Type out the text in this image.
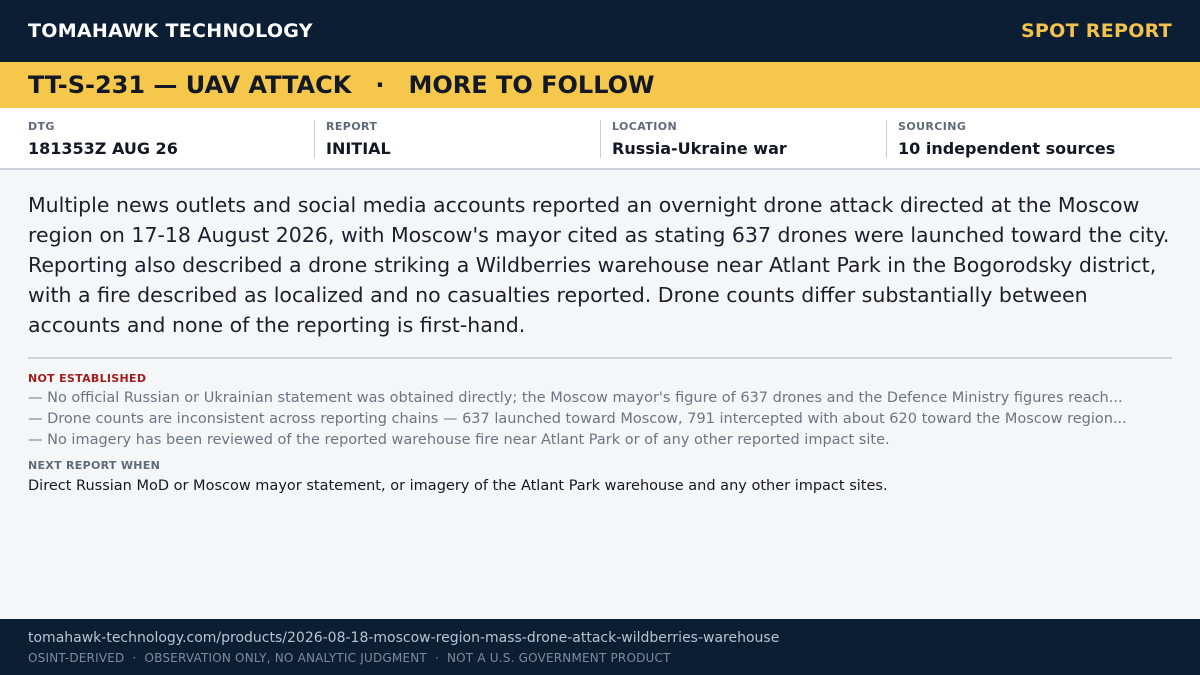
TOMAHAWK TECHNOLOGY	SPOT REPORT
TT-S-231 — UAV ATTACK · MORE TO FOLLOW
DTG
181353Z AUG 26
REPORT
INITIAL
LOCATION
Russia-Ukraine war
SOURCING
10 independent sources

Multiple news outlets and social media accounts reported an overnight drone attack directed at the Moscow region on 17-18 August 2026, with Moscow's mayor cited as stating 637 drones were launched toward the city. Reporting also described a drone striking a Wildberries warehouse near Atlant Park in the Bogorodsky district, with a fire described as localized and no casualties reported. Drone counts differ substantially between accounts and none of the reporting is first-hand.

NOT ESTABLISHED
— No official Russian or Ukrainian statement was obtained directly; the Moscow mayor's figure of 637 drones and the Defence Ministry figures reach...
— Drone counts are inconsistent across reporting chains — 637 launched toward Moscow, 791 intercepted with about 620 toward the Moscow region...
— No imagery has been reviewed of the reported warehouse fire near Atlant Park or of any other reported impact site.
NEXT REPORT WHEN
Direct Russian MoD or Moscow mayor statement, or imagery of the Atlant Park warehouse and any other impact sites.
tomahawk-technology.com/products/2026-08-18-moscow-region-mass-drone-attack-wildberries-warehouse
OSINT-DERIVED · OBSERVATION ONLY, NO ANALYTIC JUDGMENT · NOT A U.S. GOVERNMENT PRODUCT
